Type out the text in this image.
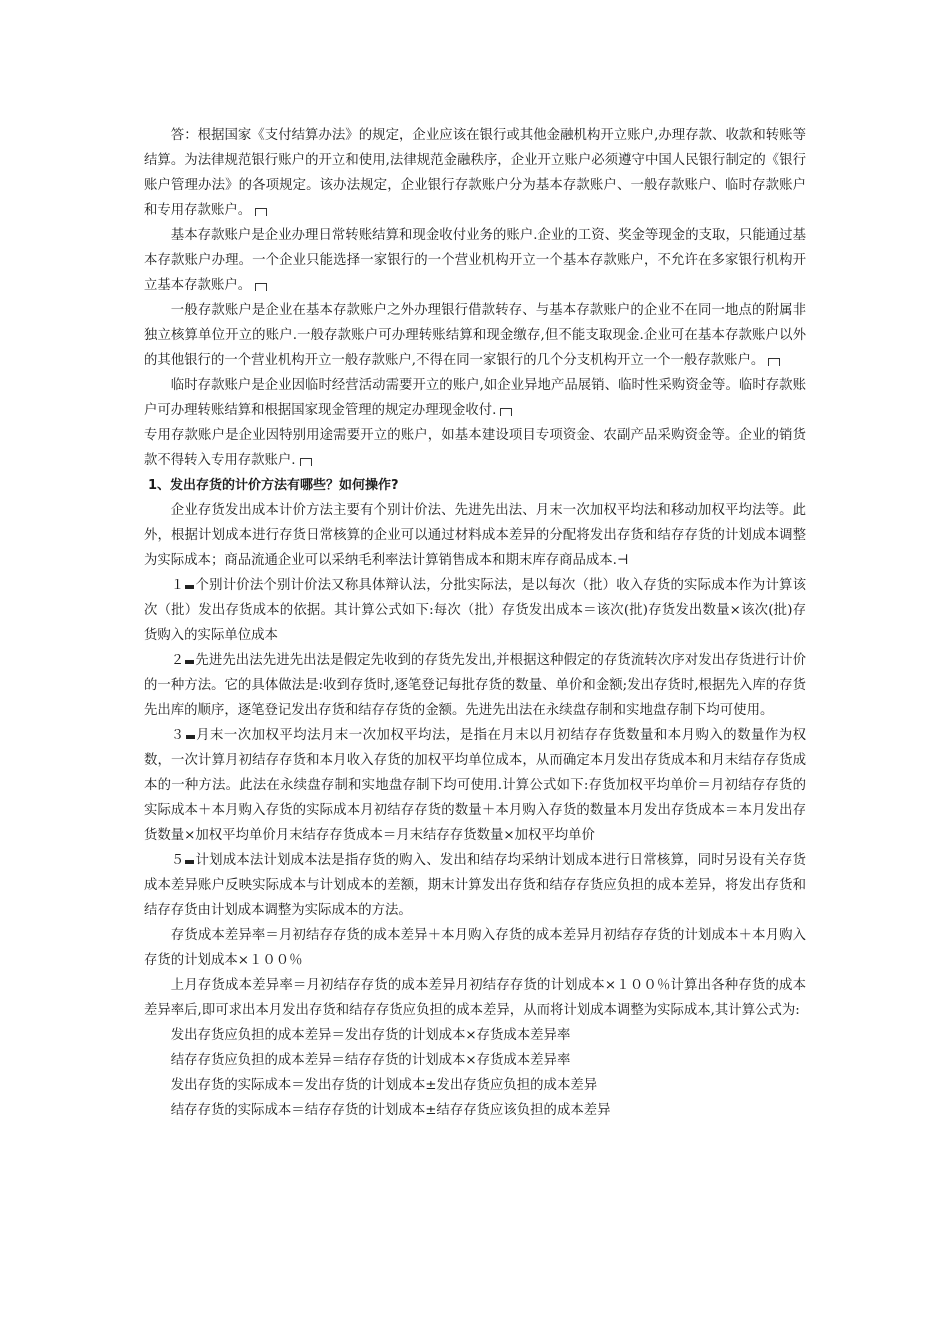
答：根据国家《支付结算办法》的规定，企业应该在银行或其他金融机构开立账户,办理存款、收款和转账等结算。为法律规范银行账户的开立和使用,法律规范金融秩序，企业开立账户必须遵守中国人民银行制定的《银行账户管理办法》的各项规定。该办法规定，企业银行存款账户分为基本存款账户、一般存款账户、临时存款账户和专用存款账户。

基本存款账户是企业办理日常转账结算和现金收付业务的账户.企业的工资、奖金等现金的支取，只能通过基本存款账户办理。一个企业只能选择一家银行的一个营业机构开立一个基本存款账户，不允许在多家银行机构开立基本存款账户。

一般存款账户是企业在基本存款账户之外办理银行借款转存、与基本存款账户的企业不在同一地点的附属非独立核算单位开立的账户.一般存款账户可办理转账结算和现金缴存,但不能支取现金.企业可在基本存款账户以外的其他银行的一个营业机构开立一般存款账户,不得在同一家银行的几个分支机构开立一个一般存款账户。

临时存款账户是企业因临时经营活动需要开立的账户,如企业异地产品展销、临时性采购资金等。临时存款账户可办理转账结算和根据国家现金管理的规定办理现金收付.

专用存款账户是企业因特别用途需要开立的账户，如基本建设项目专项资金、农副产品采购资金等。企业的销货款不得转入专用存款账户.

1、发出存货的计价方法有哪些？如何操作?

企业存货发出成本计价方法主要有个别计价法、先进先出法、月末一次加权平均法和移动加权平均法等。此外，根据计划成本进行存货日常核算的企业可以通过材料成本差异的分配将发出存货和结存存货的计划成本调整为实际成本；商品流通企业可以采纳毛利率法计算销售成本和期末库存商品成本.⊣

１ 个别计价法个别计价法又称具体辩认法，分批实际法，是以每次（批）收入存货的实际成本作为计算该次（批）发出存货成本的依据。其计算公式如下:每次（批）存货发出成本＝该次(批)存货发出数量×该次(批)存货购入的实际单位成本

２ 先进先出法先进先出法是假定先收到的存货先发出,并根据这种假定的存货流转次序对发出存货进行计价的一种方法。它的具体做法是:收到存货时,逐笔登记每批存货的数量、单价和金额;发出存货时,根据先入库的存货先出库的顺序，逐笔登记发出存货和结存存货的金额。先进先出法在永续盘存制和实地盘存制下均可使用。

３ 月末一次加权平均法月末一次加权平均法，是指在月末以月初结存存货数量和本月购入的数量作为权数，一次计算月初结存存货和本月收入存货的加权平均单位成本，从而确定本月发出存货成本和月末结存存货成本的一种方法。此法在永续盘存制和实地盘存制下均可使用.计算公式如下:存货加权平均单价＝月初结存存货的实际成本＋本月购入存货的实际成本月初结存存货的数量＋本月购入存货的数量本月发出存货成本＝本月发出存货数量×加权平均单价月末结存存货成本＝月末结存存货数量×加权平均单价

５ 计划成本法计划成本法是指存货的购入、发出和结存均采纳计划成本进行日常核算，同时另设有关存货成本差异账户反映实际成本与计划成本的差额，期末计算发出存货和结存存货应负担的成本差异，将发出存货和结存存货由计划成本调整为实际成本的方法。

存货成本差异率＝月初结存存货的成本差异＋本月购入存货的成本差异月初结存存货的计划成本＋本月购入存货的计划成本×１００％

上月存货成本差异率＝月初结存存货的成本差异月初结存存货的计划成本×１００％计算出各种存货的成本差异率后,即可求出本月发出存货和结存存货应负担的成本差异，从而将计划成本调整为实际成本,其计算公式为:

发出存货应负担的成本差异＝发出存货的计划成本×存货成本差异率

结存存货应负担的成本差异＝结存存货的计划成本×存货成本差异率

发出存货的实际成本＝发出存货的计划成本±发出存货应负担的成本差异

结存存货的实际成本＝结存存货的计划成本±结存存货应该负担的成本差异
